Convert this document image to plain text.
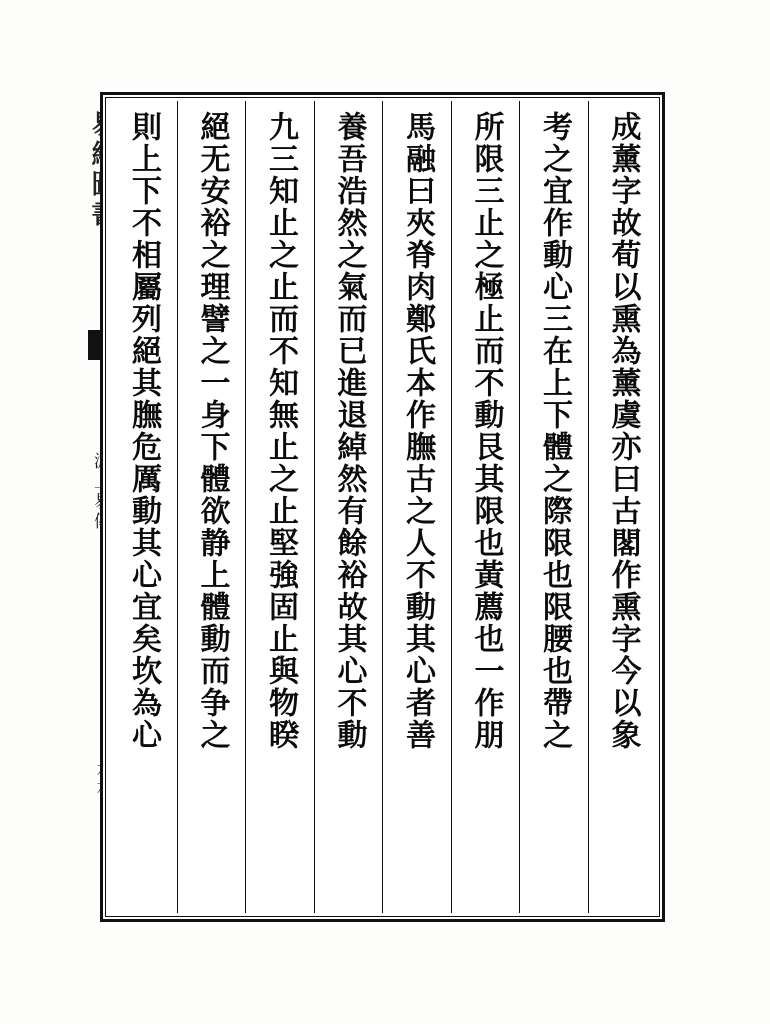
成薰字故荀以熏為薰虞亦曰古閣作熏字今以象
考之宜作動心三在上下體之際限也限腰也帶之
所限三止之極止而不動艮其限也黃薦也一作朋
馬融曰夾脊肉鄭氏本作膴古之人不動其心者善
養吾浩然之氣而已進退綽然有餘裕故其心不動
九三知止之止而不知無止之止堅強固止與物睽
絕无安裕之理譬之一身下體欲静上體動而争之
則上下不相屬列絕其膴危厲動其心宜矣坎為心
